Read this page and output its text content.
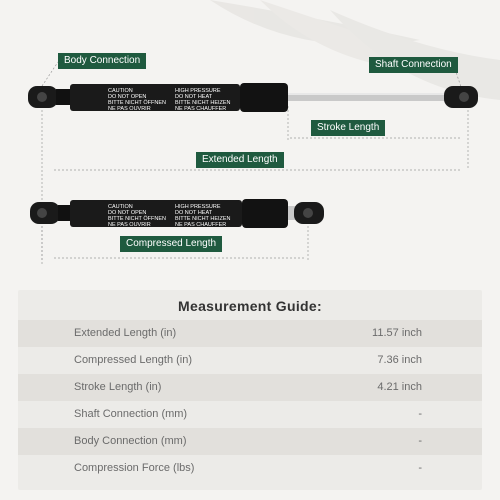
CAUTION DO NOT OPEN BITTE NICHT ÖFFNEN NE PAS OUVRIR
HIGH PRESSURE DO NOT HEAT BITTE NICHT HEIZEN NE PAS CHAUFFER
CAUTION DO NOT OPEN BITTE NICHT ÖFFNEN NE PAS OUVRIR
HIGH PRESSURE DO NOT HEAT BITTE NICHT HEIZEN NE PAS CHAUFFER
Body Connection	Shaft Connection
Stroke Length
Extended Length
Compressed Length
Measurement Guide:
Extended Length (in)	11.57 inch
Compressed Length (in)	7.36 inch
Stroke Length (in)	4.21 inch
Shaft Connection (mm)	-
Body Connection (mm)	-
Compression Force (lbs)	-
